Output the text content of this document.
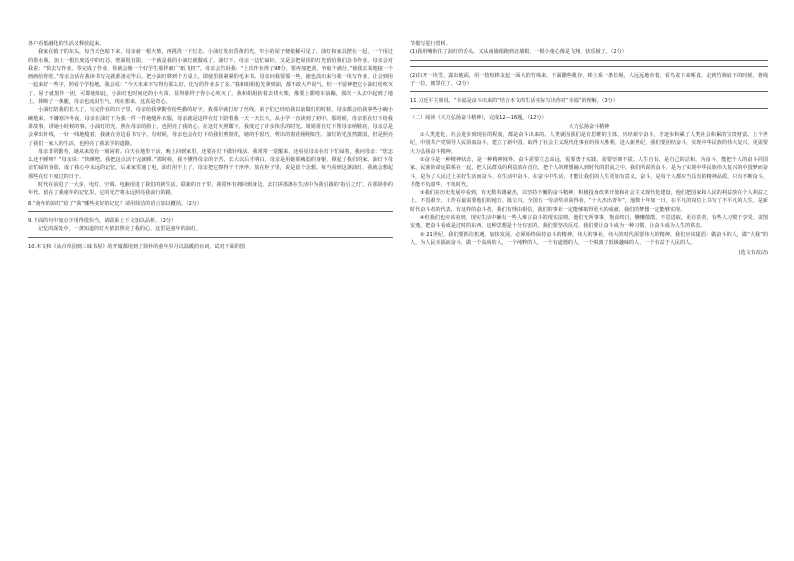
各户看低融化的生活又释放起来。

我家在镇子的东头，每当天色暗下来，母亲就一根火柴，再挑洗一下灯芯，小油灯发出昏黄的光，窄小的屋子便依稀可见了。油灯和家具摆在一起，一个用过的墨水瓶，加上一根长度适中的灯芯，壁面很有限，一个就是我的小油灯就做成了。油灯下，母亲一边忙碌针，又是会把屋顶的灯光留给我们念书作业。母亲会对我说：“快去写作业。等完成了作业，你就会像一个好学生那样被广‘纸飞机’”。母亲会告诉我：“上次作业得了98分，要再加把劲，争取个满分。”使我去某地接一个画画给你吃。”母亲会话在我读书写完就准备完毕后，把小油灯移到个方桌上，即使里我紧紧的毛本书。母亲问我要那一些，她也淡出来与我一块写作业，让会到用一起来好一些字，照看个学校地。我会说：“今天未来字写得有那么好，比写的作业多了多。”我和姐姐抢先拿到油，都不敢大声说气，怕一不留神把它小油灯给吹灭了，屋子就黑作一团，可即使如此，小油灯也时间还的小火苗，显得那样子你小心吹灭了。我和姐姐抬着去找火柴，像要上都啃车前蹦，那次一头去中起到了地上，摔断了一条腿，母亲也流泪生气，现在想来，这真是奇心。

小油灯陪我的长大了，写完作业的日子里，母亲给我拿勤劳给些勤的好字，我那早就打好了丝线，弟子们已经给我以前做灯的时候，母亲都会给我拿些小碗小碗地来，不嫌寒冷冬夜。母亲在油灯下为我一件一件地缝补衣服，母亲就是这样在灯下陪着我一天一天长大，从小学一直读到了初中。那时候，母亲常在灯下给我讲故事，讲她小时候的事。小油灯的光，照在母亲的脸上，也照亮了我的心。在这灯火照耀下，我度过了许多快乐的时光。姐姐常在灯下帮母亲纳鞋底，母亲总是会拿出针线，一针一线地缝着，我就在旁边看书写字。有时候，母亲也会在灯下给我们剪窗花，她的手很巧，剪出的窗花栩栩如生。油灯的光虽然微弱，但是照亮了我们一家人的生活，也照亮了我求学的道路。

母亲非常勤劳，她从来没有一刻闲着。白天在地里干活，晚上回到家里，还要在灯下做针线活。我常常一觉醒来，还看见母亲在灯下忙碌着。我问母亲：“您怎么还不睡呀？”母亲说：“快睡吧，我把这点活干完就睡。”那时候，我不懂得母亲的辛苦，长大以后才明白，母亲是用她那瘦弱的身躯，撑起了我们的家。油灯下母亲忙碌的身影，成了我心中永远的记忆。后来家里通了电，油灯用不上了，母亲把它擦得干干净净，放在柜子里，说是留个念想。每当看到这盏油灯，我就会想起那些在灯下度过的日子。

时代在前进了一大步，电灯、空调、电脑用进了我们的新生活。联新的日子里，我常怀有拥回到身边，去打拼那盏在生活中为我引路的‘指引之灯’。在那简朴的年代，留在了我童年的记忆里，它的光芒将永远照亮我前行的路。

8.“童年的油灯”给了“我”哪些美好的记忆？请用简洁的语言加以概括。（2分）

9.下面的句中加点字用得很恰当，请联系上下文加以品析。（2分）

记忆的深处中，一盏知道的灯火依旧照亮了我的心，这里是童年的油灯。

10.本文和《从百草园到三味书屋》的开篇都用到了简朴的童年岁月以温暖的台词，试对下面的图

节描写进行赏析。

(1)我用嘴衔住了油灯的舌头，又从南墙根跑到北墙根，一根小童心像是飞翔，快乐极了。（2分）

(2)扫开一块雪，露出地面，用一枝短棒支起一面大的竹筛来，下面撒些秕谷，棒上系一条长绳，人远远地牵着，看鸟雀下来啄食，走到竹筛底下的时候，将绳子一拉，便罩住了。（2分）

11.习近平主席说，“幸福是奋斗出来的”结合本文的生活实际写出你对“幸福”的理解。（3分）

（二）阅读《大力弘扬奋斗精神》，完成12—16题。（12分）

大力弘扬奋斗精神

①人类进化，社会进步到现在的程度，都是奋斗出来的。人类就因我们是有思维的主体，历经艰辛奋斗，才逐步积累了人类社会积累的宝贵财富。上个世纪，中国共产党领导人民浴血奋斗，建立了新中国，取得了社会主义现代化事业的伟大胜利。进入新世纪，我们要团结奋斗，实现中华民族的伟大复兴，更需要大力弘扬奋斗精神。

②奋斗是一种精神状态，是一种精神境界。奋斗需要立志高远，需要勇于实践，需要坚韧不拔。人生自有，是自己的总和。为奋斗，能把个人的奋斗同国家、民族的命运联系在一起，把人民群众的利益放在首位，把个人的理想融入到时代的洪流之中。我们所说的奋斗，是为了实现中华民族伟大复兴的中国梦而奋斗，是为了人民过上美好生活而奋斗。在生活中奋斗、在奋斗中生活，才能让我们的人生更加有意义。奋斗，是每个人都应当具有的精神品质，只有不断奋斗，才能不负韶华，不负时代。

③我们在历史发展中看到，有无数英雄豪杰，以坚持不懈的奋斗精神，积极投身改革开放和社会主义现代化建设，他们把国家和人民的利益放在个人利益之上，不畏艰辛，工作在最需要他们的地方。陈宝兴，全国五一劳动奖章获得者，“十大杰出青年”，他数十年如一日，在平凡的岗位上书写了不平凡的人生，是新时代奋斗者的代表。有这样的奋斗者，我们有理由相信，我们的事业一定能够取得更大的成就，我们的梦想一定能够实现。

④但我们也应该看到，现实生活中确有一些人难言奋斗的现实法则，他们无所事事，饱食终日，懒懒散散，不思进取。更有甚者，有些人习惯于享受，贪图安逸，把奋斗看成是过时的东西。这种思想是十分有害的，我们要坚决反对。我们要让奋斗成为一种习惯，让奋斗成为人生的常态。

⑤ 21世纪，我们要抓住机遇，加快发展，必须始终保持奋斗的精神。伟大的事业，伟大的时代需要伟大的精神。我们应该提倡：做奋斗的人，做“大我”的人，为人民幸福而奋斗，做一个高尚的人，一个纯粹的人，一个有道德的人，一个脱离了低级趣味的人，一个有益于人民的人。

(选文有改动)
